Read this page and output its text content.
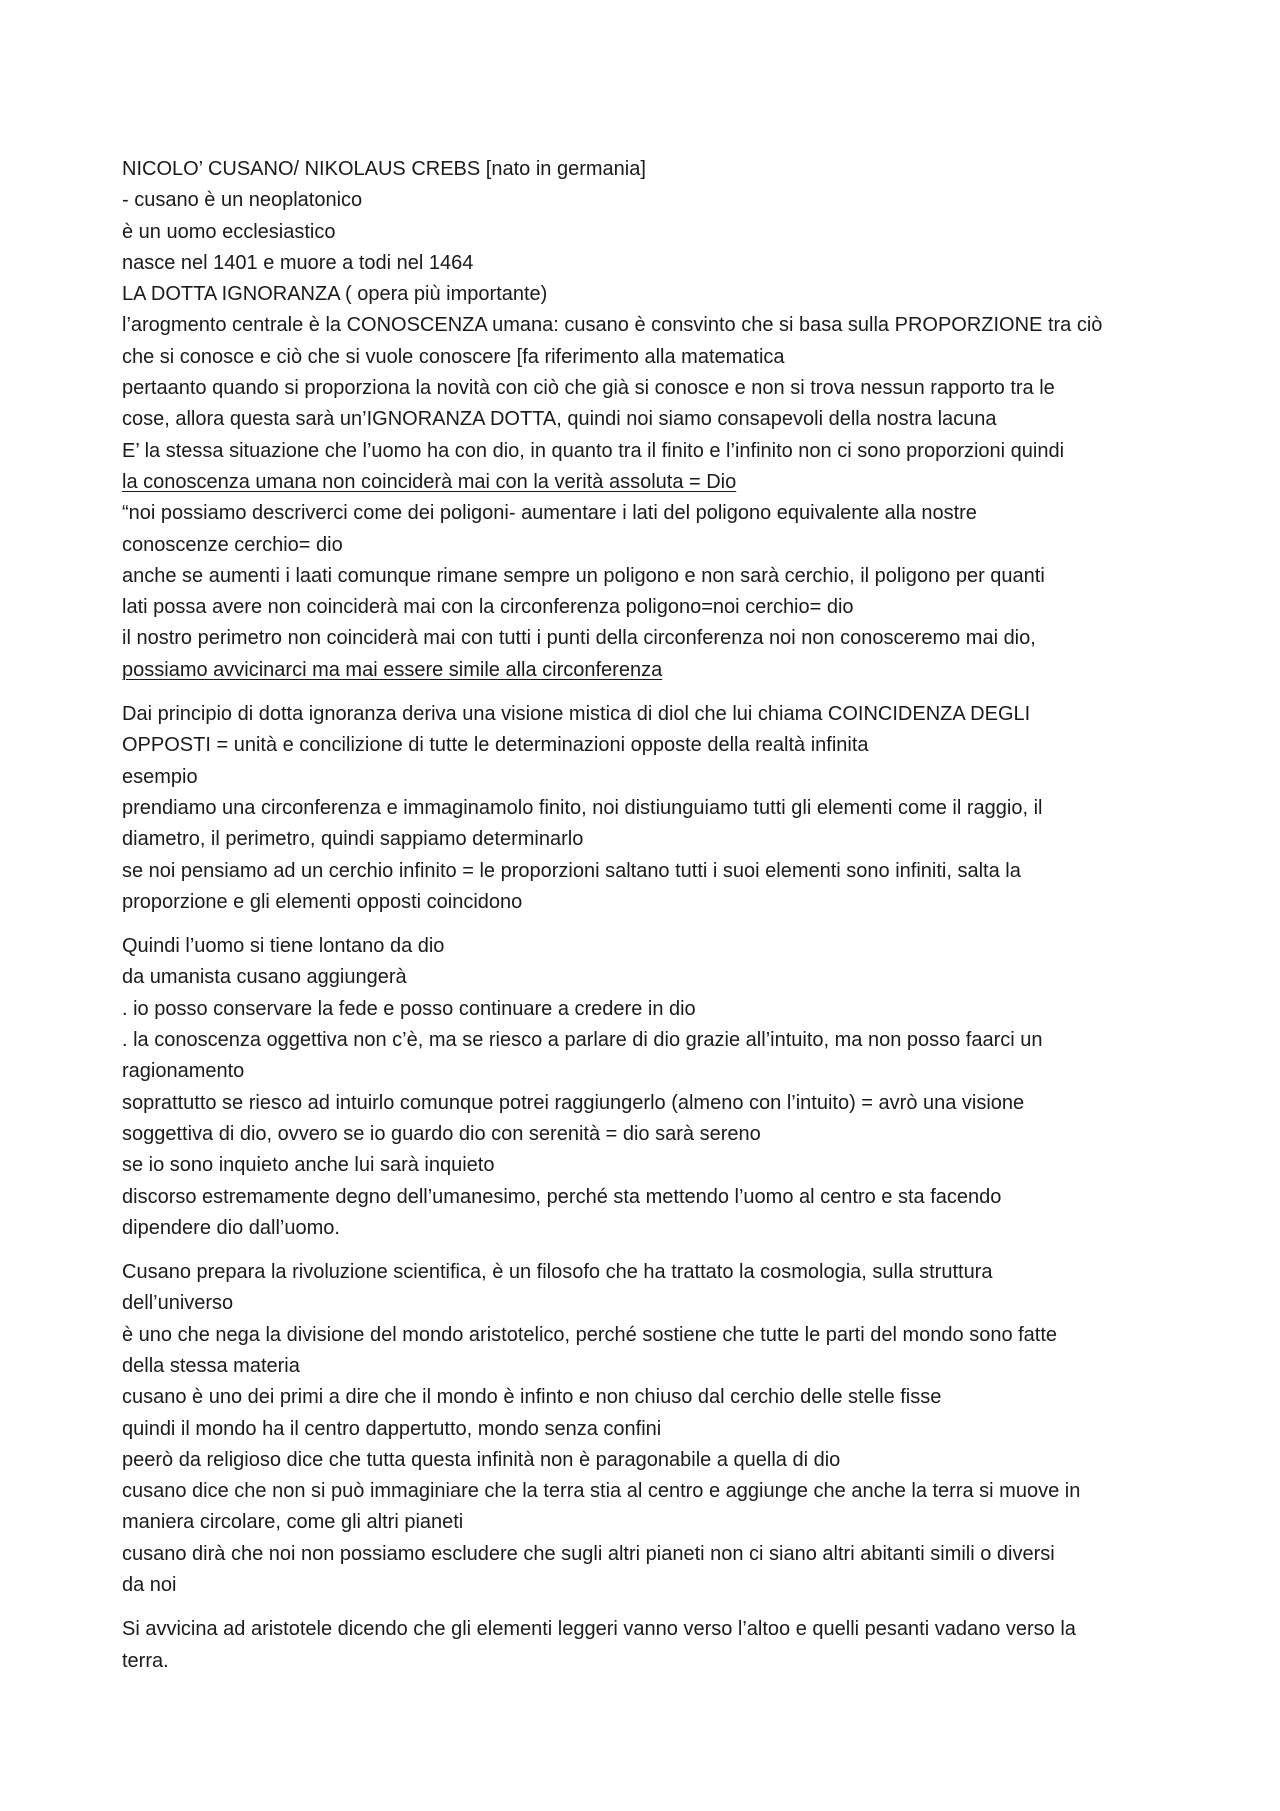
NICOLO’ CUSANO/ NIKOLAUS CREBS [nato in germania]
- cusano è un neoplatonico
è un uomo ecclesiastico
nasce nel 1401 e muore a todi nel 1464
LA DOTTA IGNORANZA ( opera più importante)
l’arogmento centrale è la CONOSCENZA umana: cusano è consvinto che si basa sulla PROPORZIONE tra ciò
che si conosce e ciò che si vuole conoscere [fa riferimento alla matematica
pertaanto quando si proporziona la novità con ciò che già si conosce e non si trova nessun rapporto tra le
cose, allora questa sarà un’IGNORANZA DOTTA, quindi noi siamo consapevoli della nostra lacuna
E’ la stessa situazione che l’uomo ha con dio, in quanto tra il finito e l’infinito non ci sono proporzioni quindi
la conoscenza umana non coinciderà mai con la verità assoluta = Dio
“noi possiamo descriverci come dei poligoni- aumentare i lati del poligono equivalente alla nostre
conoscenze cerchio= dio
anche se aumenti i laati comunque rimane sempre un poligono e non sarà cerchio, il poligono per quanti
lati possa avere non coinciderà mai con la circonferenza poligono=noi cerchio= dio
il nostro perimetro non coinciderà mai con tutti i punti della circonferenza noi non conosceremo mai dio,
possiamo avvicinarci ma mai essere simile alla circonferenza
Dai principio di dotta ignoranza deriva una visione mistica di diol che lui chiama COINCIDENZA DEGLI
OPPOSTI = unità e concilizione di tutte le determinazioni opposte della realtà infinita
esempio
prendiamo una circonferenza e immaginamolo finito, noi distiunguiamo tutti gli elementi come il raggio, il
diametro, il perimetro, quindi sappiamo determinarlo
se noi pensiamo ad un cerchio infinito = le proporzioni saltano tutti i suoi elementi sono infiniti, salta la
proporzione e gli elementi opposti coincidono
Quindi l’uomo si tiene lontano da dio
da umanista cusano aggiungerà
. io posso conservare la fede e posso continuare a credere in dio
. la conoscenza oggettiva non c’è, ma se riesco a parlare di dio grazie all’intuito, ma non posso faarci un
ragionamento
soprattutto se riesco ad intuirlo comunque potrei raggiungerlo (almeno con l’intuito) = avrò una visione
soggettiva di dio, ovvero se io guardo dio con serenità = dio sarà sereno
se io sono inquieto anche lui sarà inquieto
discorso estremamente degno dell’umanesimo, perché sta mettendo l’uomo al centro e sta facendo
dipendere dio dall’uomo.
Cusano prepara la rivoluzione scientifica, è un filosofo che ha trattato la cosmologia, sulla struttura
dell’universo
è uno che nega la divisione del mondo aristotelico, perché sostiene che tutte le parti del mondo sono fatte
della stessa materia
cusano è uno dei primi a dire che il mondo è infinto e non chiuso dal cerchio delle stelle fisse
quindi il mondo ha il centro dappertutto, mondo senza confini
peerò da religioso dice che tutta questa infinità non è paragonabile a quella di dio
cusano dice che non si può immaginiare che la terra stia al centro e aggiunge che anche la terra si muove in
maniera circolare, come gli altri pianeti
cusano dirà che noi non possiamo escludere che sugli altri pianeti non ci siano altri abitanti simili o diversi
da noi
Si avvicina ad aristotele dicendo che gli elementi leggeri vanno verso l’altoo e quelli pesanti vadano verso la
terra.
